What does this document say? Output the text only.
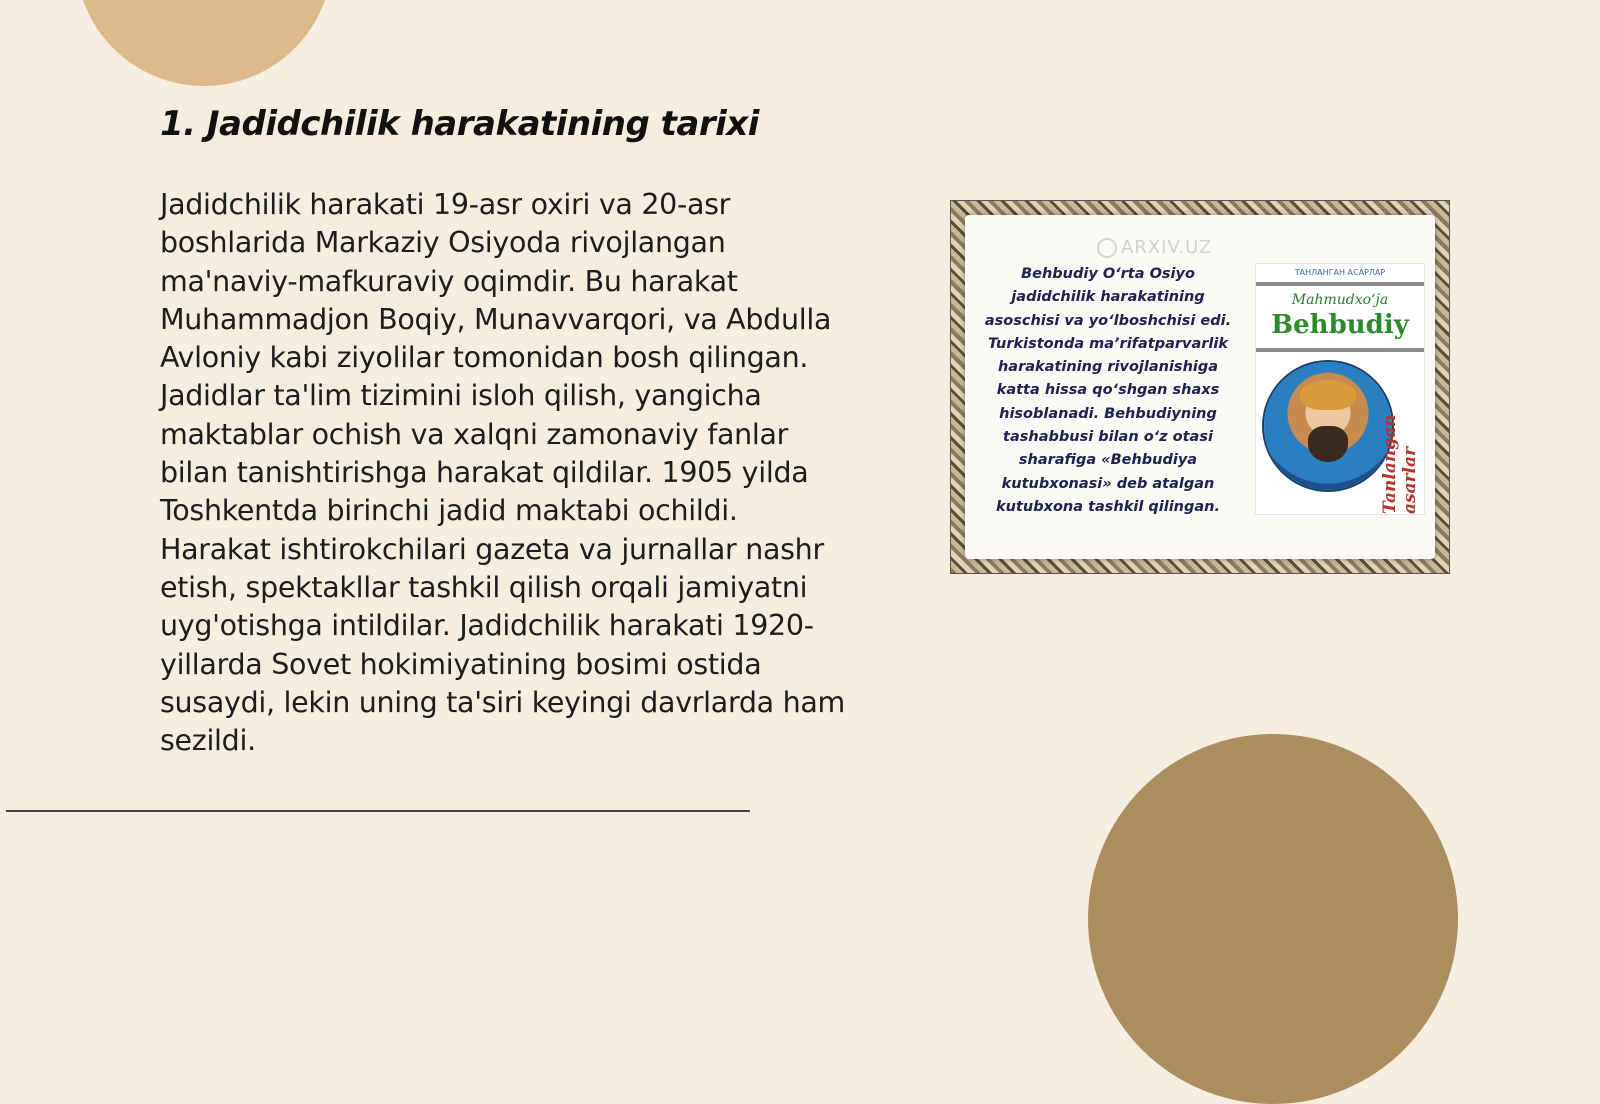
1. Jadidchilik harakatining tarixi

Jadidchilik harakati 19-asr oxiri va 20-asr boshlarida Markaziy Osiyoda rivojlangan ma'naviy-mafkuraviy oqimdir. Bu harakat Muhammadjon Boqiy, Munavvarqori, va Abdulla Avloniy kabi ziyolilar tomonidan bosh qilingan. Jadidlar ta'lim tizimini isloh qilish, yangicha maktablar ochish va xalqni zamonaviy fanlar bilan tanishtirishga harakat qildilar. 1905 yilda Toshkentda birinchi jadid maktabi ochildi. Harakat ishtirokchilari gazeta va jurnallar nashr etish, spektakllar tashkil qilish orqali jamiyatni uyg'otishga intildilar. Jadidchilik harakati 1920-yillarda Sovet hokimiyatining bosimi ostida susaydi, lekin uning ta'siri keyingi davrlarda ham sezildi.

ARXIV.UZ

Behbudiy O‘rta Osiyo jadidchilik harakatining asoschisi va yo‘lboshchisi edi. Turkistonda ma’rifatparvarlik harakatining rivojlanishiga katta hissa qo‘shgan shaxs hisoblanadi. Behbudiyning tashabbusi bilan o‘z otasi sharafiga «Behbudiya kutubxonasi» deb atalgan kutubxona tashkil qilingan.

ТАНЛАНГАН АСАРЛАР
Mahmudxo‘ja
Behbudiy
Tanlangan asarlar
